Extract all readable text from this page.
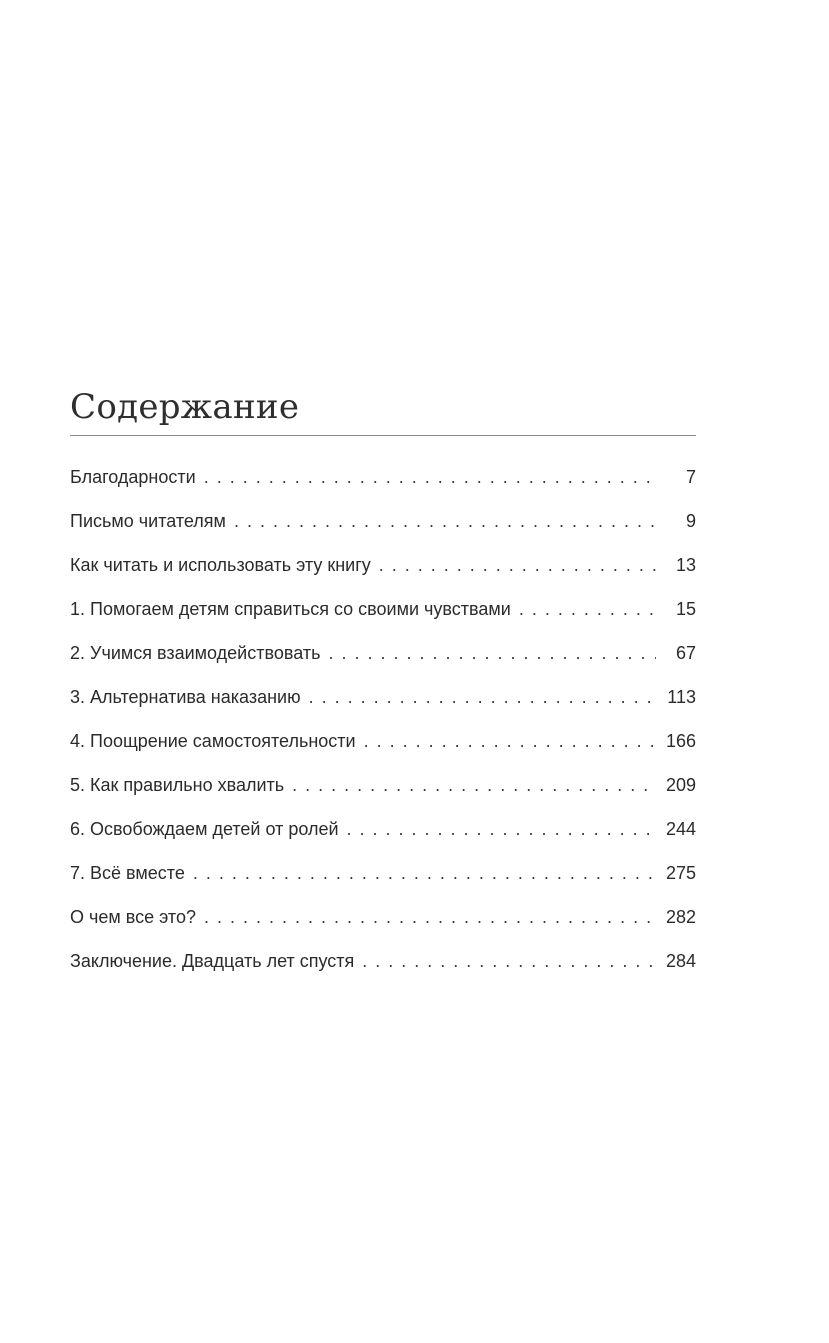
Содержание
Благодарности . . .	7
Письмо читателям . . .	9
Как читать и использовать эту книгу . . .	13
1. Помогаем детям справиться со своими чувствами . . .	15
2. Учимся взаимодействовать . . .	67
3. Альтернатива наказанию . . .	113
4. Поощрение самостоятельности . . .	166
5. Как правильно хвалить . . .	209
6. Освобождаем детей от ролей . . .	244
7. Всё вместе . . .	275
О чем все это? . . .	282
Заключение. Двадцать лет спустя . . .	284
